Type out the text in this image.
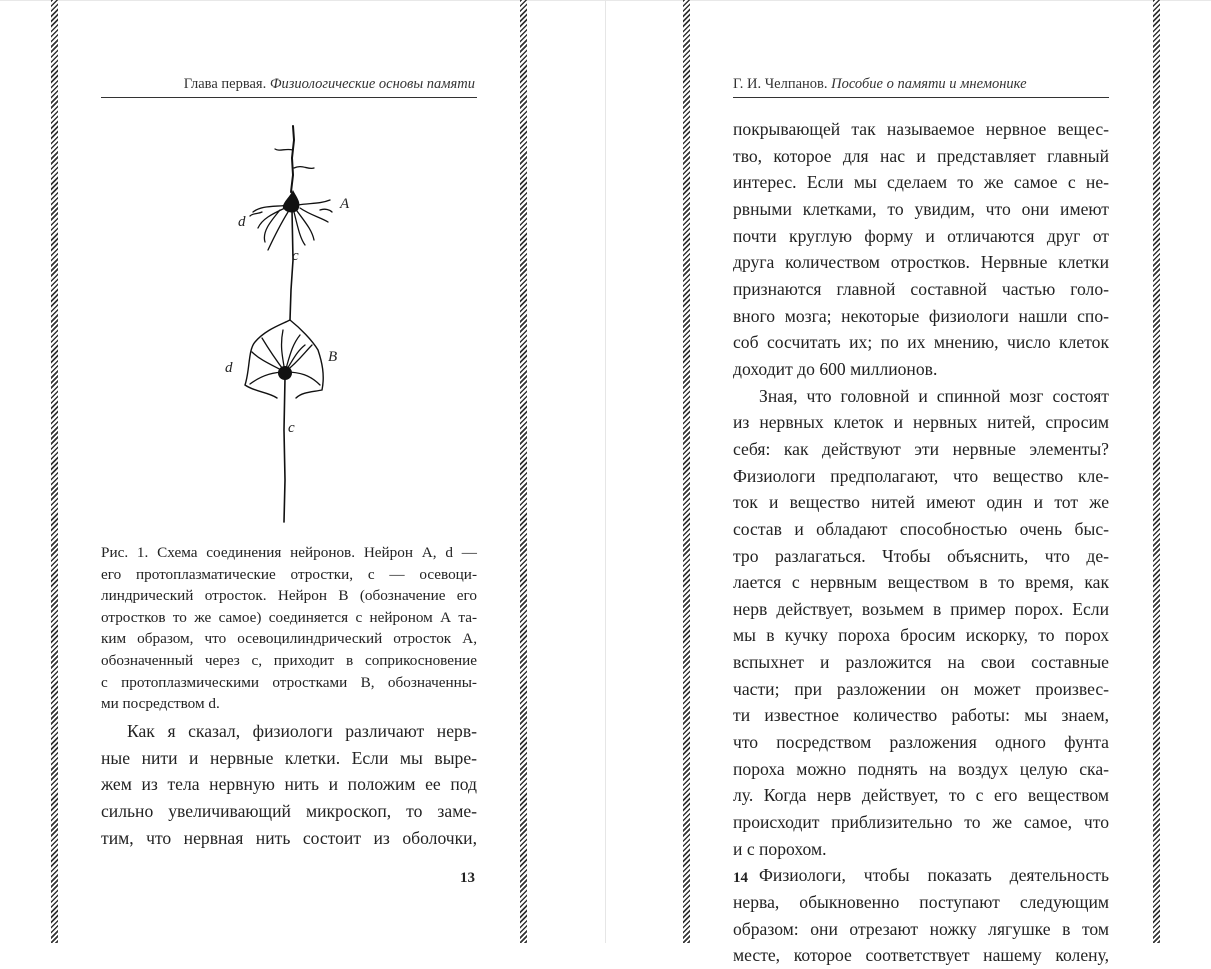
Глава первая. Физиологические основы памяти
A
d
c
B
d
c
Рис. 1. Схема соединения нейронов. Нейрон А, d —
его протоплазматические отростки, с — осевоци-
линдрический отросток. Нейрон В (обозначение его
отростков то же самое) соединяется с нейроном А та-
ким образом, что осевоцилиндрический отросток А,
обозначенный через с, приходит в соприкосновение
с протоплазмическими отростками В, обозначенны-
ми посредством d.
Как я сказал, физиологи различают нерв-
ные нити и нервные клетки. Если мы выре-
жем из тела нервную нить и положим ее под
сильно увеличивающий микроскоп, то заме-
тим, что нервная нить состоит из оболочки,
13
Г. И. Челпанов. Пособие о памяти и мнемонике
покрывающей так называемое нервное вещес-
тво, которое для нас и представляет главный
интерес. Если мы сделаем то же самое с не-
рвными клетками, то увидим, что они имеют
почти круглую форму и отличаются друг от
друга количеством отростков. Нервные клетки
признаются главной составной частью голо-
вного мозга; некоторые физиологи нашли спо-
соб сосчитать их; по их мнению, число клеток
доходит до 600 миллионов.
Зная, что головной и спинной мозг состоят
из нервных клеток и нервных нитей, спросим
себя: как действуют эти нервные элементы?
Физиологи предполагают, что вещество кле-
ток и вещество нитей имеют один и тот же
состав и обладают способностью очень быс-
тро разлагаться. Чтобы объяснить, что де-
лается с нервным веществом в то время, как
нерв действует, возьмем в пример порох. Если
мы в кучку пороха бросим искорку, то порох
вспыхнет и разложится на свои составные
части; при разложении он может произвес-
ти известное количество работы: мы знаем,
что посредством разложения одного фунта
пороха можно поднять на воздух целую ска-
лу. Когда нерв действует, то с его веществом
происходит приблизительно то же самое, что
и с порохом.
Физиологи, чтобы показать деятельность
нерва, обыкновенно поступают следующим
образом: они отрезают ножку лягушке в том
месте, которое соответствует нашему колену,
14
